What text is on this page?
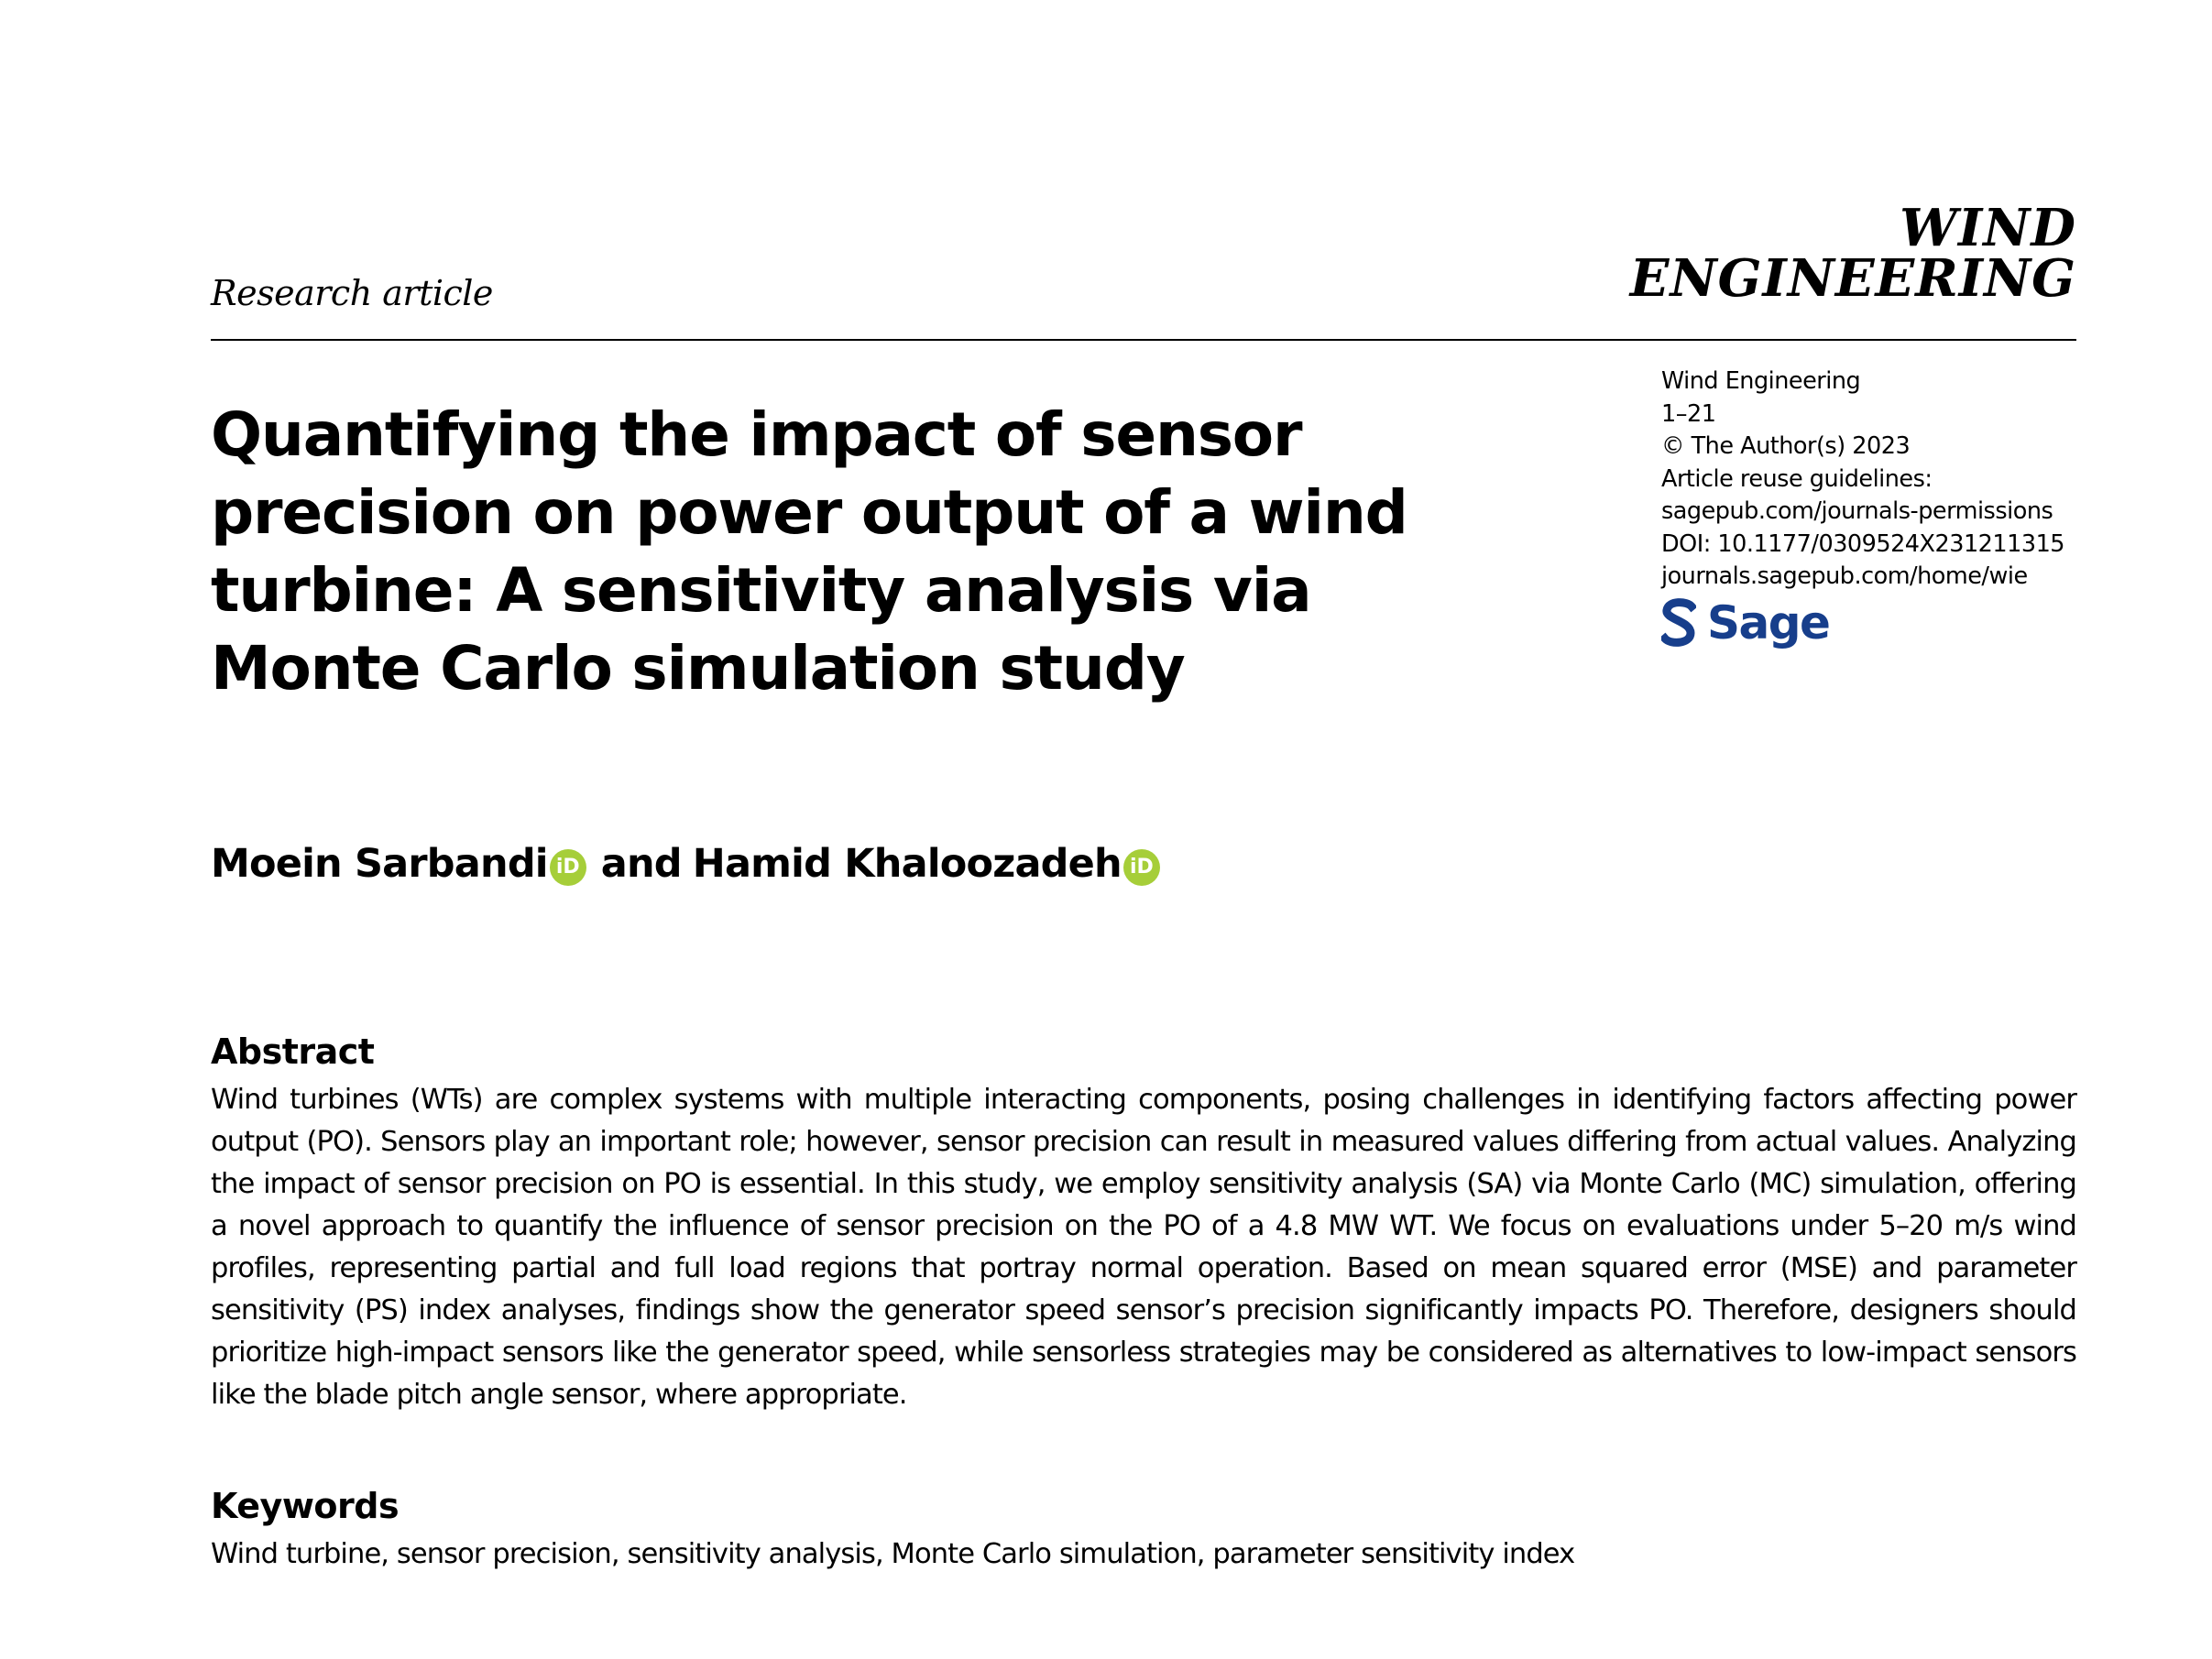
Research article
WIND
ENGINEERING
Quantifying the impact of sensor precision on power output of a wind turbine: A sensitivity analysis via Monte Carlo simulation study
Wind Engineering
1–21
© The Author(s) 2023
Article reuse guidelines:
sagepub.com/journals-permissions
DOI: 10.1177/0309524X231211315
journals.sagepub.com/home/wie
Sage
Moein Sarbandi iD and Hamid Khaloozadeh iD
Abstract

Wind turbines (WTs) are complex systems with multiple interacting components, posing challenges in identifying factors affecting power output (PO). Sensors play an important role; however, sensor precision can result in measured values differing from actual values. Analyzing the impact of sensor precision on PO is essential. In this study, we employ sensitivity analysis (SA) via Monte Carlo (MC) simulation, offering a novel approach to quantify the influence of sensor precision on the PO of a 4.8 MW WT. We focus on evaluations under 5–20 m/s wind profiles, representing partial and full load regions that portray normal operation. Based on mean squared error (MSE) and parameter sensitivity (PS) index analyses, findings show the generator speed sensor’s precision significantly impacts PO. Therefore, designers should prioritize high-impact sensors like the generator speed, while sensorless strategies may be considered as alternatives to low-impact sensors like the blade pitch angle sensor, where appropriate.

Keywords

Wind turbine, sensor precision, sensitivity analysis, Monte Carlo simulation, parameter sensitivity index
